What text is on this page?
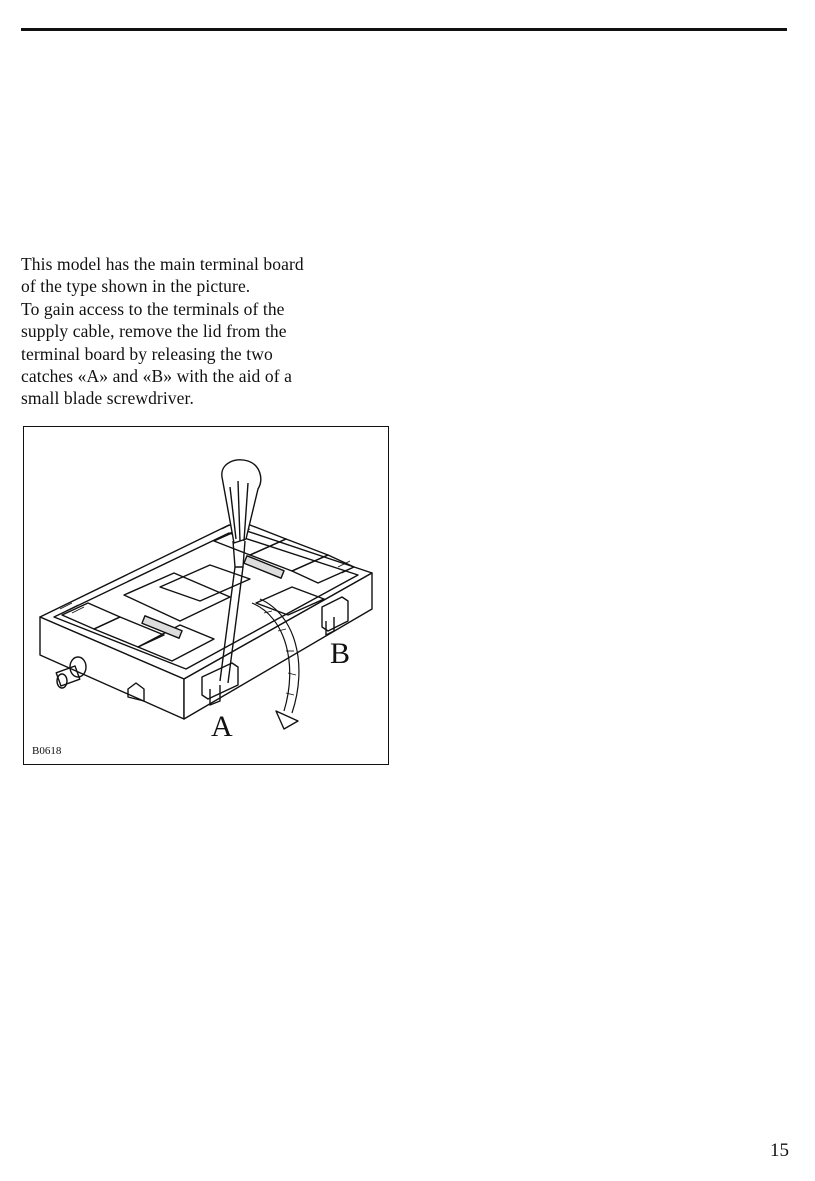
This model has the main terminal board
of the type shown in the picture.
To gain access to the terminals of the
supply cable, remove the lid from the
terminal board by releasing the two
catches «A» and «B» with the aid of a
small blade screwdriver.
A
B
B0618
15
